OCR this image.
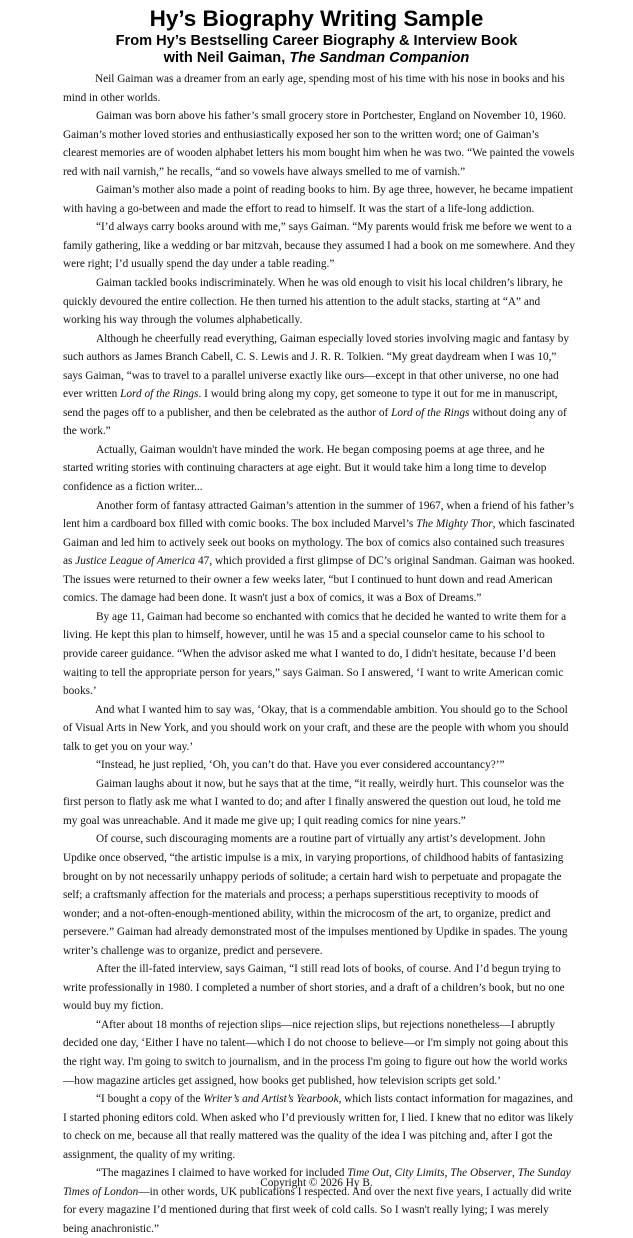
Hy’s Biography Writing Sample
From Hy’s Bestselling Career Biography & Interview Book
with Neil Gaiman, The Sandman Companion

Neil Gaiman was a dreamer from an early age, spending most of his time with his nose in books and his mind in other worlds.

Gaiman was born above his father’s small grocery store in Portchester, England on November 10, 1960. Gaiman’s mother loved stories and enthusiastically exposed her son to the written word; one of Gaiman’s clearest memories are of wooden alphabet letters his mom bought him when he was two. “We painted the vowels red with nail varnish,” he recalls, “and so vowels have always smelled to me of varnish.”

Gaiman’s mother also made a point of reading books to him. By age three, however, he became impatient with having a go-between and made the effort to read to himself. It was the start of a life-long addiction.

“I’d always carry books around with me,” says Gaiman. “My parents would frisk me before we went to a family gathering, like a wedding or bar mitzvah, because they assumed I had a book on me somewhere. And they were right; I’d usually spend the day under a table reading.”

Gaiman tackled books indiscriminately. When he was old enough to visit his local children’s library, he quickly devoured the entire collection. He then turned his attention to the adult stacks, starting at “A” and working his way through the volumes alphabetically.

Although he cheerfully read everything, Gaiman especially loved stories involving magic and fantasy by such authors as James Branch Cabell, C. S. Lewis and J. R. R. Tolkien. “My great daydream when I was 10,” says Gaiman, “was to travel to a parallel universe exactly like ours—except in that other universe, no one had ever written Lord of the Rings. I would bring along my copy, get someone to type it out for me in manuscript, send the pages off to a publisher, and then be celebrated as the author of Lord of the Rings without doing any of the work.”

Actually, Gaiman wouldn't have minded the work. He began composing poems at age three, and he started writing stories with continuing characters at age eight. But it would take him a long time to develop confidence as a fiction writer...

Another form of fantasy attracted Gaiman’s attention in the summer of 1967, when a friend of his father’s lent him a cardboard box filled with comic books. The box included Marvel’s The Mighty Thor, which fascinated Gaiman and led him to actively seek out books on mythology. The box of comics also contained such treasures as Justice League of America 47, which provided a first glimpse of DC’s original Sandman. Gaiman was hooked. The issues were returned to their owner a few weeks later, “but I continued to hunt down and read American comics. The damage had been done. It wasn't just a box of comics, it was a Box of Dreams.”

By age 11, Gaiman had become so enchanted with comics that he decided he wanted to write them for a living. He kept this plan to himself, however, until he was 15 and a special counselor came to his school to provide career guidance. “When the advisor asked me what I wanted to do, I didn't hesitate, because I’d been waiting to tell the appropriate person for years,” says Gaiman. So I answered, ‘I want to write American comic books.’

And what I wanted him to say was, ‘Okay, that is a commendable ambition. You should go to the School of Visual Arts in New York, and you should work on your craft, and these are the people with whom you should talk to get you on your way.’

“Instead, he just replied, ‘Oh, you can’t do that. Have you ever considered accountancy?’”

Gaiman laughs about it now, but he says that at the time, “it really, weirdly hurt. This counselor was the first person to flatly ask me what I wanted to do; and after I finally answered the question out loud, he told me my goal was unreachable. And it made me give up; I quit reading comics for nine years.”

Of course, such discouraging moments are a routine part of virtually any artist’s development. John Updike once observed, “the artistic impulse is a mix, in varying proportions, of childhood habits of fantasizing brought on by not necessarily unhappy periods of solitude; a certain hard wish to perpetuate and propagate the self; a craftsmanly affection for the materials and process; a perhaps superstitious receptivity to moods of wonder; and a not-often-enough-mentioned ability, within the microcosm of the art, to organize, predict and persevere.” Gaiman had already demonstrated most of the impulses mentioned by Updike in spades. The young writer’s challenge was to organize, predict and persevere.

After the ill-fated interview, says Gaiman, “I still read lots of books, of course. And I’d begun trying to write professionally in 1980. I completed a number of short stories, and a draft of a children’s book, but no one would buy my fiction.

“After about 18 months of rejection slips—nice rejection slips, but rejections nonetheless—I abruptly decided one day, ‘Either I have no talent—which I do not choose to believe—or I'm simply not going about this the right way. I'm going to switch to journalism, and in the process I'm going to figure out how the world works—how magazine articles get assigned, how books get published, how television scripts get sold.’

“I bought a copy of the Writer’s and Artist’s Yearbook, which lists contact information for magazines, and I started phoning editors cold. When asked who I’d previously written for, I lied. I knew that no editor was likely to check on me, because all that really mattered was the quality of the idea I was pitching and, after I got the assignment, the quality of my writing.

“The magazines I claimed to have worked for included Time Out, City Limits, The Observer, The Sunday Times of London—in other words, UK publications I respected. And over the next five years, I actually did write for every magazine I’d mentioned during that first week of cold calls. So I wasn't really lying; I was merely being anachronistic.”

Copyright © 2026 Hy B.
